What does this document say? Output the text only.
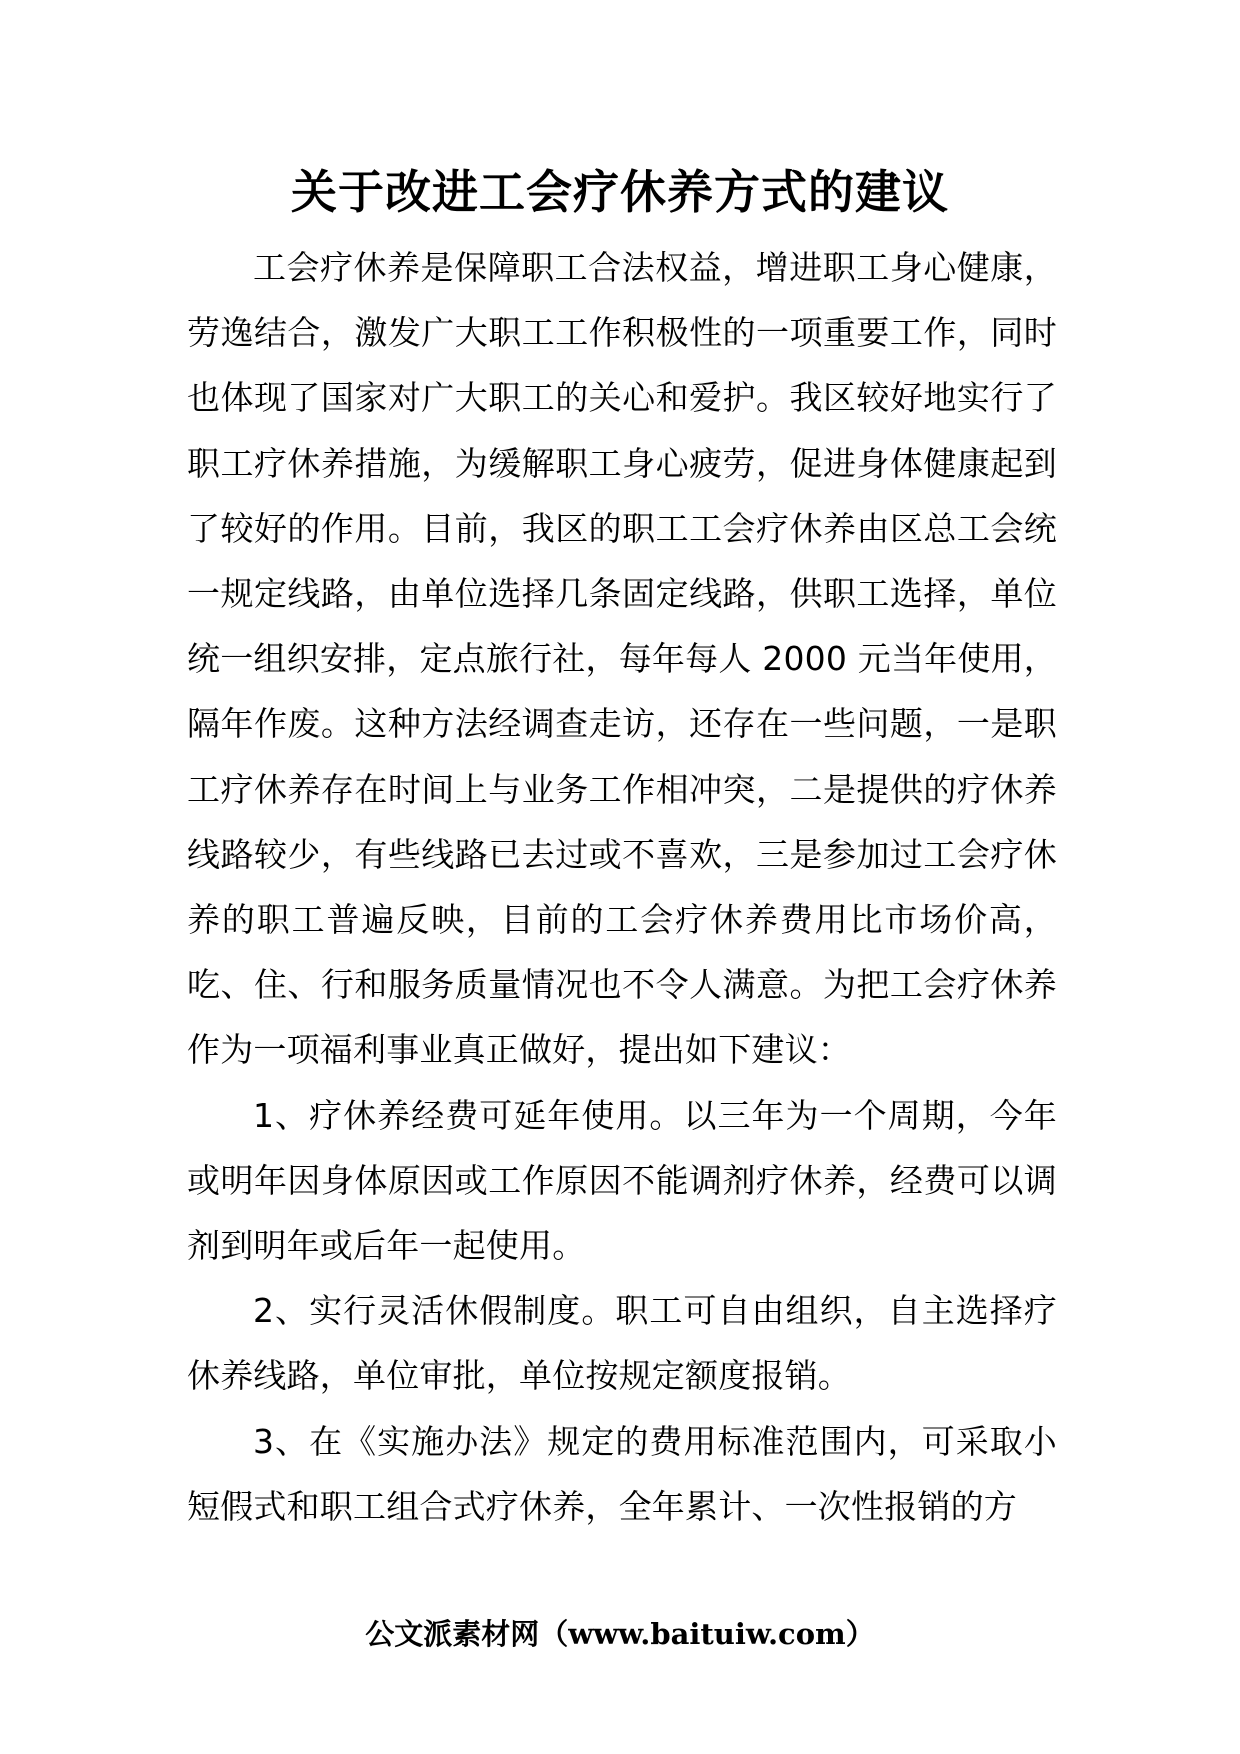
关于改进工会疗休养方式的建议

工会疗休养是保障职工合法权益，增进职工身心健康，劳逸结合，激发广大职工工作积极性的一项重要工作，同时也体现了国家对广大职工的关心和爱护。我区较好地实行了职工疗休养措施，为缓解职工身心疲劳，促进身体健康起到了较好的作用。目前，我区的职工工会疗休养由区总工会统一规定线路，由单位选择几条固定线路，供职工选择，单位统一组织安排，定点旅行社，每年每人 2000 元当年使用，隔年作废。这种方法经调查走访，还存在一些问题，一是职工疗休养存在时间上与业务工作相冲突，二是提供的疗休养线路较少，有些线路已去过或不喜欢，三是参加过工会疗休养的职工普遍反映，目前的工会疗休养费用比市场价高，吃、住、行和服务质量情况也不令人满意。为把工会疗休养作为一项福利事业真正做好，提出如下建议：

1、疗休养经费可延年使用。以三年为一个周期，今年或明年因身体原因或工作原因不能调剂疗休养，经费可以调剂到明年或后年一起使用。

2、实行灵活休假制度。职工可自由组织，自主选择疗休养线路，单位审批，单位按规定额度报销。

3、在《实施办法》规定的费用标准范围内，可采取小短假式和职工组合式疗休养，全年累计、一次性报销的方

公文派素材网（www.baituiw.com）
